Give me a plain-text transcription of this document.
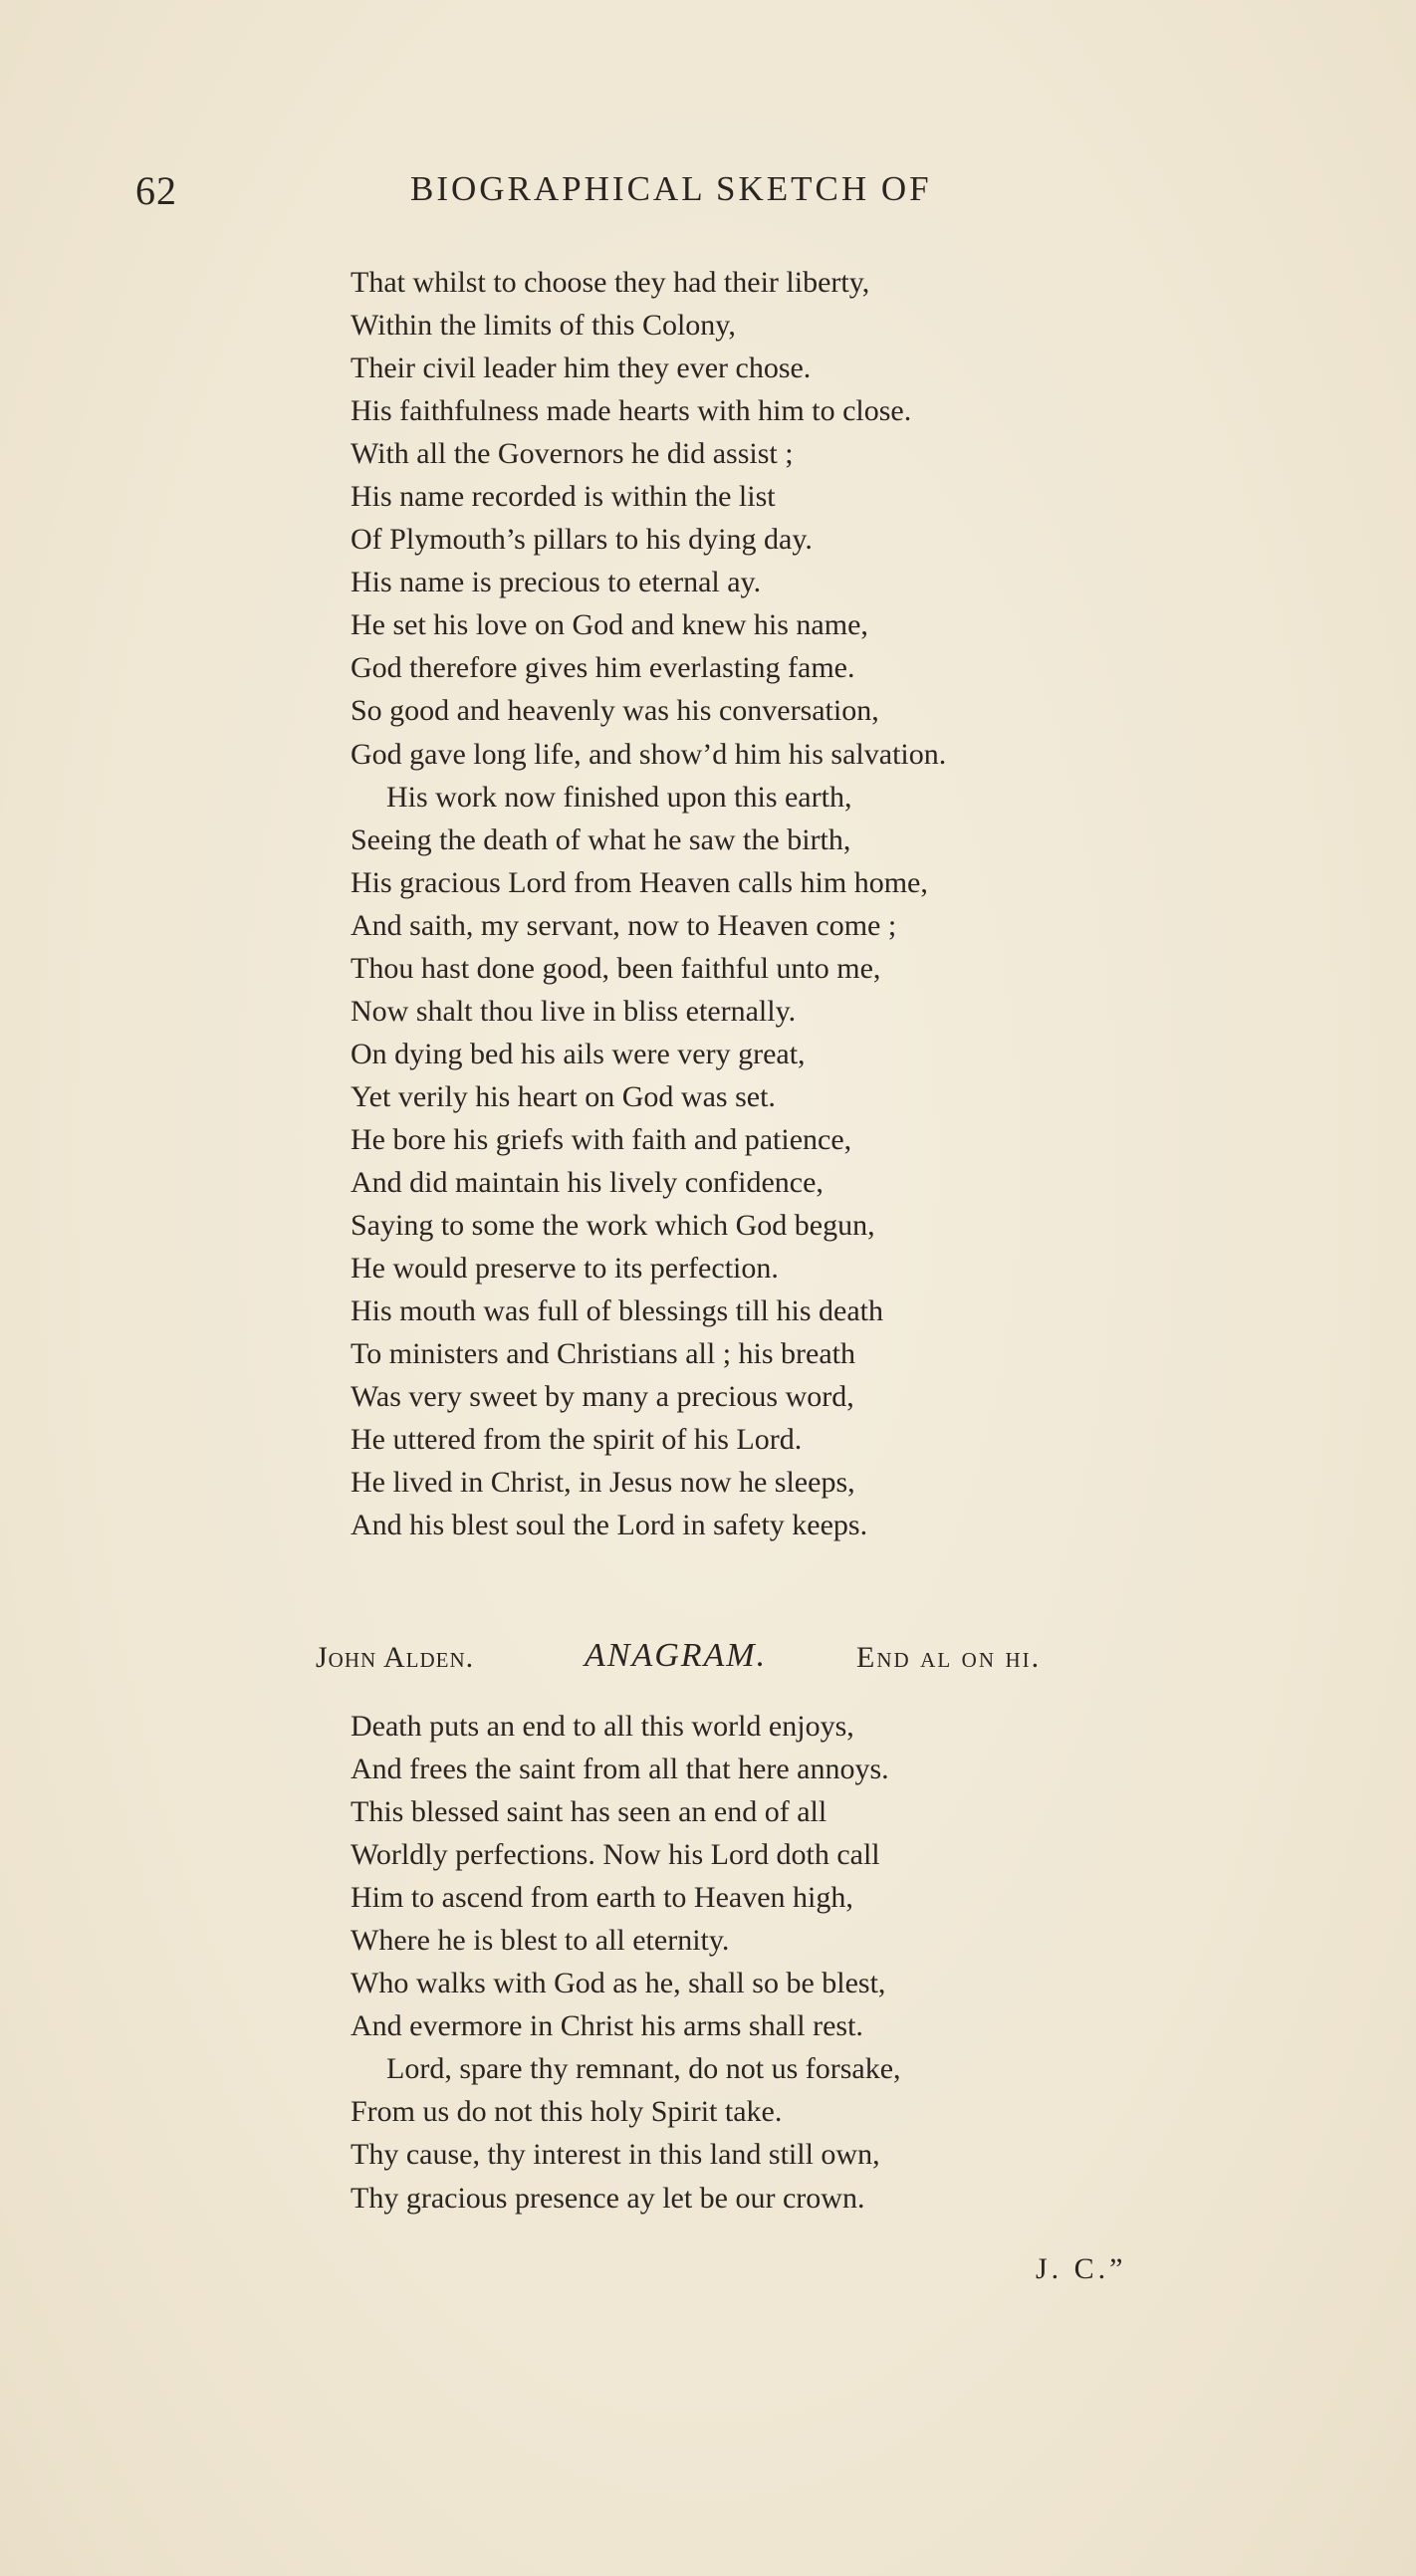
62	BIOGRAPHICAL SKETCH OF
That whilst to choose they had their liberty,
Within the limits of this Colony,
Their civil leader him they ever chose.
His faithfulness made hearts with him to close.
With all the Governors he did assist ;
His name recorded is within the list
Of Plymouth’s pillars to his dying day.
His name is precious to eternal ay.
He set his love on God and knew his name,
God therefore gives him everlasting fame.
So good and heavenly was his conversation,
God gave long life, and show’d him his salvation.
His work now finished upon this earth,
Seeing the death of what he saw the birth,
His gracious Lord from Heaven calls him home,
And saith, my servant, now to Heaven come ;
Thou hast done good, been faithful unto me,
Now shalt thou live in bliss eternally.
On dying bed his ails were very great,
Yet verily his heart on God was set.
He bore his griefs with faith and patience,
And did maintain his lively confidence,
Saying to some the work which God begun,
He would preserve to its perfection.
His mouth was full of blessings till his death
To ministers and Christians all ; his breath
Was very sweet by many a precious word,
He uttered from the spirit of his Lord.
He lived in Christ, in Jesus now he sleeps,
And his blest soul the Lord in safety keeps.
John Alden.	ANAGRAM.	End al on hi.
Death puts an end to all this world enjoys,
And frees the saint from all that here annoys.
This blessed saint has seen an end of all
Worldly perfections. Now his Lord doth call
Him to ascend from earth to Heaven high,
Where he is blest to all eternity.
Who walks with God as he, shall so be blest,
And evermore in Christ his arms shall rest.
Lord, spare thy remnant, do not us forsake,
From us do not this holy Spirit take.
Thy cause, thy interest in this land still own,
Thy gracious presence ay let be our crown.
J. C.”
